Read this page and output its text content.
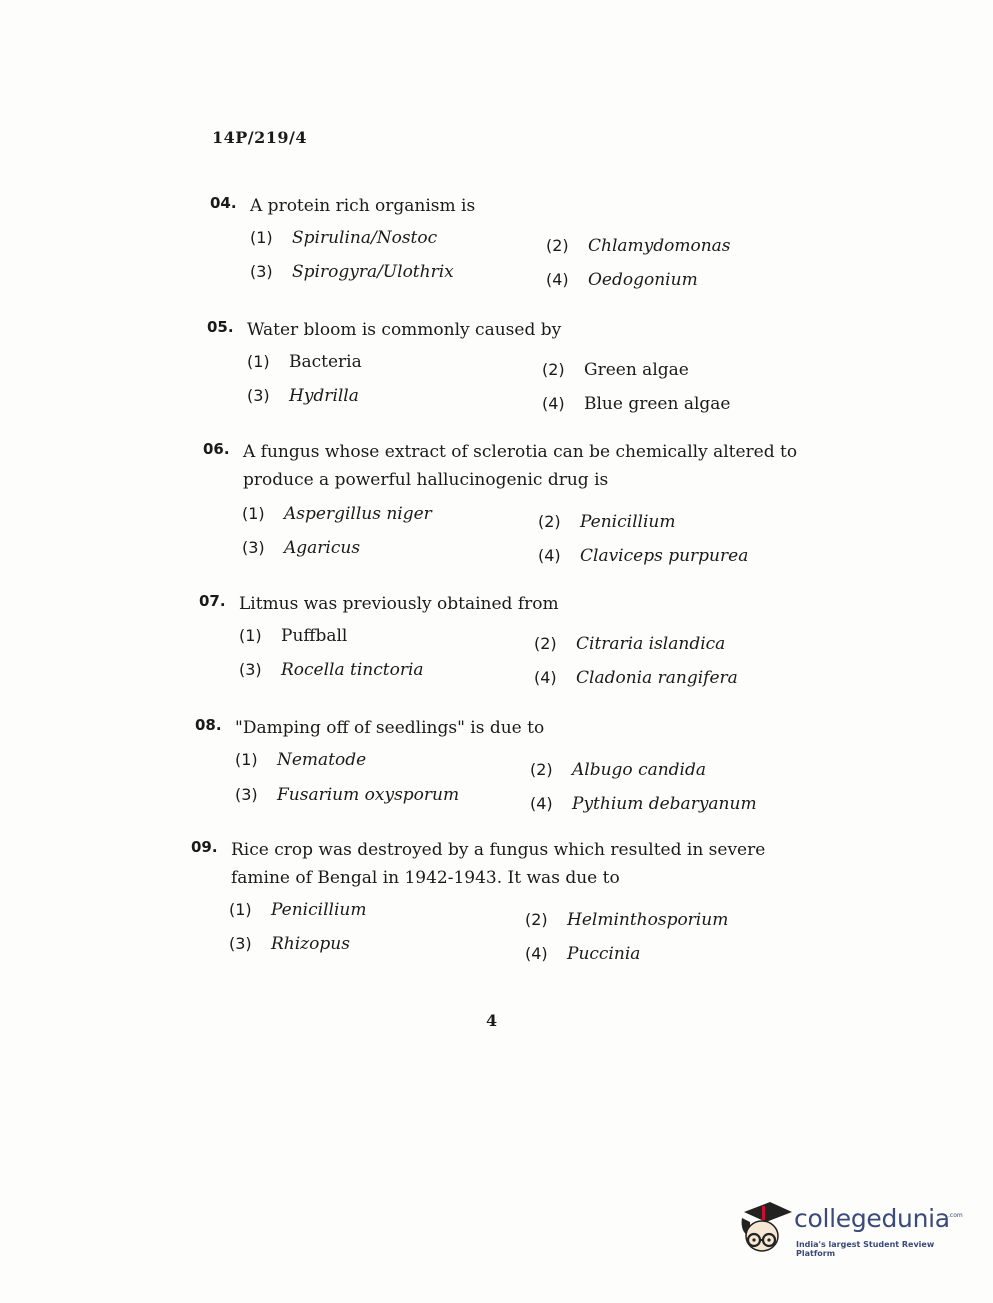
14P/219/4
04. A protein rich organism is
(1) Spirulina/Nostoc	(2) Chlamydomonas
(3) Spirogyra/Ulothrix	(4) Oedogonium
05. Water bloom is commonly caused by
(1) Bacteria	(2) Green algae
(3) Hydrilla	(4) Blue green algae
06. A fungus whose extract of sclerotia can be chemically altered to produce a powerful hallucinogenic drug is
(1) Aspergillus niger	(2) Penicillium
(3) Agaricus	(4) Claviceps purpurea
07. Litmus was previously obtained from
(1) Puffball	(2) Citraria islandica
(3) Rocella tinctoria	(4) Cladonia rangifera
08. "Damping off of seedlings" is due to
(1) Nematode	(2) Albugo candida
(3) Fusarium oxysporum	(4) Pythium debaryanum
09. Rice crop was destroyed by a fungus which resulted in severe famine of Bengal in 1942-1943. It was due to
(1) Penicillium	(2) Helminthosporium
(3) Rhizopus	(4) Puccinia
4
collegedunia
.com
India's largest Student Review Platform
